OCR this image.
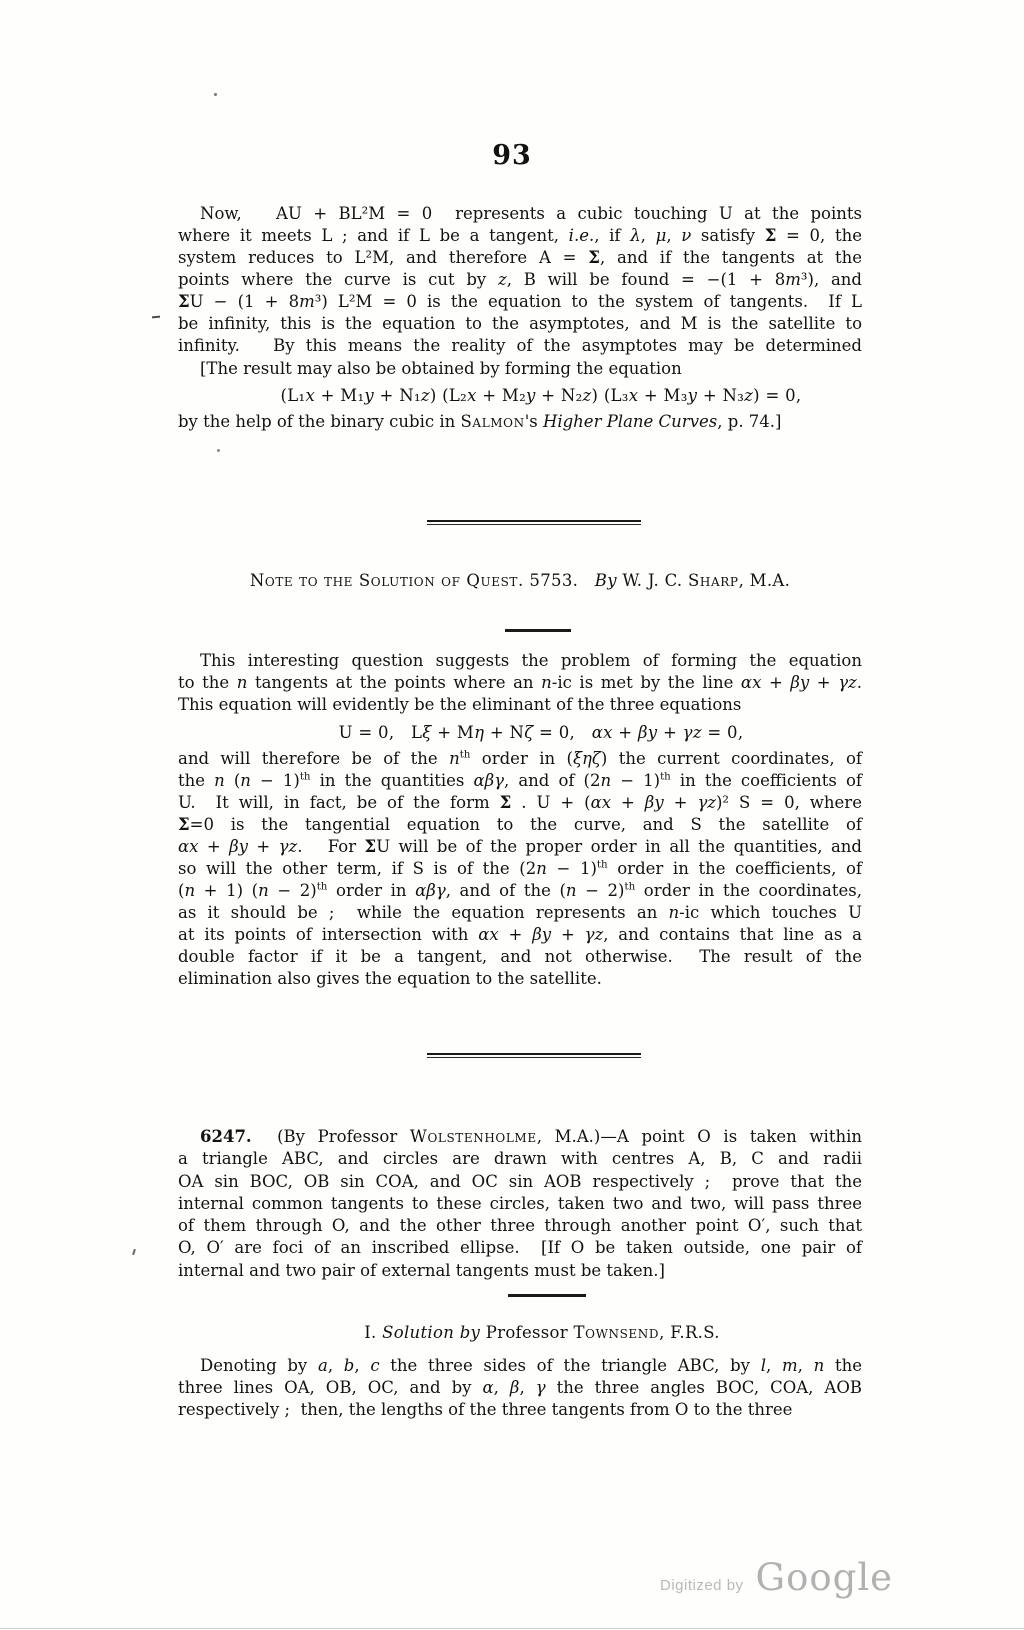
93
Now,   AU + BL²M = 0  represents a cubic touching U at the points
where it meets L ; and if L be a tangent, i.e., if λ, μ, ν satisfy Σ = 0, the
system reduces to L²M, and therefore A = Σ, and if the tangents at the
points where the curve is cut by z, B will be found = −(1 + 8m³), and
ΣU − (1 + 8m³) L²M = 0 is the equation to the system of tangents.  If L
be infinity, this is the equation to the asymptotes, and M is the satellite to
infinity.   By this means the reality of the asymptotes may be determined
[The result may also be obtained by forming the equation
(L₁x + M₁y + N₁z) (L₂x + M₂y + N₂z) (L₃x + M₃y + N₃z) = 0,
by the help of the binary cubic in Salmon's Higher Plane Curves, p. 74.]
Note to the Solution of Quest. 5753.   By W. J. C. Sharp, M.A.
This interesting question suggests the problem of forming the equation
to the n tangents at the points where an n-ic is met by the line αx + βy + γz.
This equation will evidently be the eliminant of the three equations
U = 0,   Lξ + Mη + Nζ = 0,   αx + βy + γz = 0,
and will therefore be of the $n^{th}$ order in (ξηζ) the current coordinates, of
the n $(n - 1)^{th}$ in the quantities αβγ, and of $(2n - 1)^{th}$ in the coefficients of
U.  It will, in fact, be of the form Σ . U + (αx + βy + γz)² S = 0, where
Σ=0 is the tangential equation to the curve, and S the satellite of
αx + βy + γz.   For ΣU will be of the proper order in all the quantities, and
so will the other term, if S is of the $(2n - 1)^{th}$ order in the coefficients, of
(n + 1) $(n - 2)^{th}$ order in αβγ, and of the $(n - 2)^{th}$ order in the coordinates,
as it should be ;  while the equation represents an n-ic which touches U
at its points of intersection with αx + βy + γz, and contains that line as a
double factor if it be a tangent, and not otherwise.  The result of the
elimination also gives the equation to the satellite.
6247.  (By Professor Wolstenholme, M.A.)—A point O is taken within
a triangle ABC, and circles are drawn with centres A, B, C and radii
OA sin BOC, OB sin COA, and OC sin AOB respectively ;  prove that the
internal common tangents to these circles, taken two and two, will pass three
of them through O, and the other three through another point O′, such that
O, O′ are foci of an inscribed ellipse.  [If O be taken outside, one pair of
internal and two pair of external tangents must be taken.]
I. Solution by Professor Townsend, F.R.S.
Denoting by a, b, c the three sides of the triangle ABC, by l, m, n the
three lines OA, OB, OC, and by α, β, γ the three angles BOC, COA, AOB
respectively ;  then, the lengths of the three tangents from O to the three
Digitized by Google
